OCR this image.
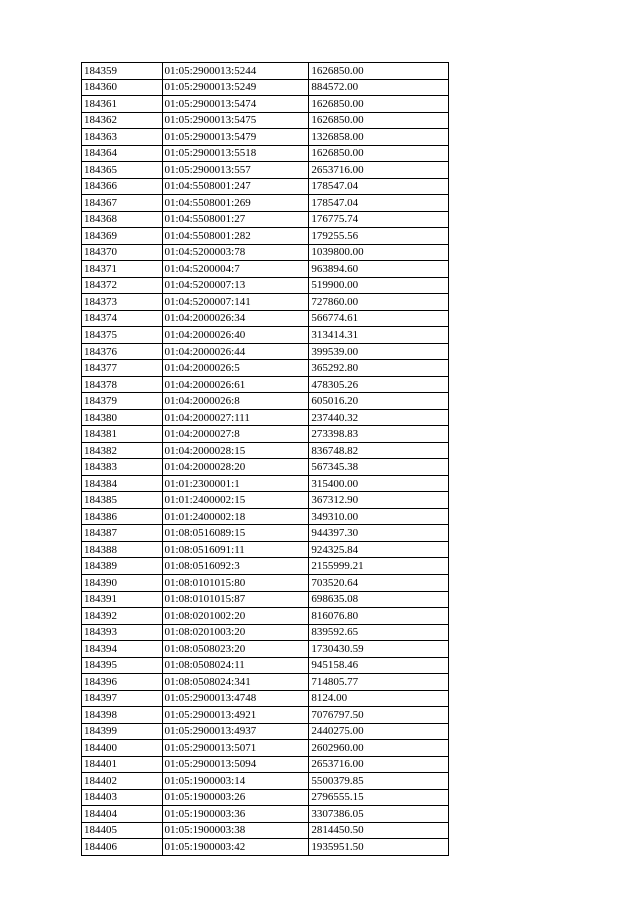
184359	01:05:2900013:5244	1626850.00
184360	01:05:2900013:5249	884572.00
184361	01:05:2900013:5474	1626850.00
184362	01:05:2900013:5475	1626850.00
184363	01:05:2900013:5479	1326858.00
184364	01:05:2900013:5518	1626850.00
184365	01:05:2900013:557	2653716.00
184366	01:04:5508001:247	178547.04
184367	01:04:5508001:269	178547.04
184368	01:04:5508001:27	176775.74
184369	01:04:5508001:282	179255.56
184370	01:04:5200003:78	1039800.00
184371	01:04:5200004:7	963894.60
184372	01:04:5200007:13	519900.00
184373	01:04:5200007:141	727860.00
184374	01:04:2000026:34	566774.61
184375	01:04:2000026:40	313414.31
184376	01:04:2000026:44	399539.00
184377	01:04:2000026:5	365292.80
184378	01:04:2000026:61	478305.26
184379	01:04:2000026:8	605016.20
184380	01:04:2000027:111	237440.32
184381	01:04:2000027:8	273398.83
184382	01:04:2000028:15	836748.82
184383	01:04:2000028:20	567345.38
184384	01:01:2300001:1	315400.00
184385	01:01:2400002:15	367312.90
184386	01:01:2400002:18	349310.00
184387	01:08:0516089:15	944397.30
184388	01:08:0516091:11	924325.84
184389	01:08:0516092:3	2155999.21
184390	01:08:0101015:80	703520.64
184391	01:08:0101015:87	698635.08
184392	01:08:0201002:20	816076.80
184393	01:08:0201003:20	839592.65
184394	01:08:0508023:20	1730430.59
184395	01:08:0508024:11	945158.46
184396	01:08:0508024:341	714805.77
184397	01:05:2900013:4748	8124.00
184398	01:05:2900013:4921	7076797.50
184399	01:05:2900013:4937	2440275.00
184400	01:05:2900013:5071	2602960.00
184401	01:05:2900013:5094	2653716.00
184402	01:05:1900003:14	5500379.85
184403	01:05:1900003:26	2796555.15
184404	01:05:1900003:36	3307386.05
184405	01:05:1900003:38	2814450.50
184406	01:05:1900003:42	1935951.50
